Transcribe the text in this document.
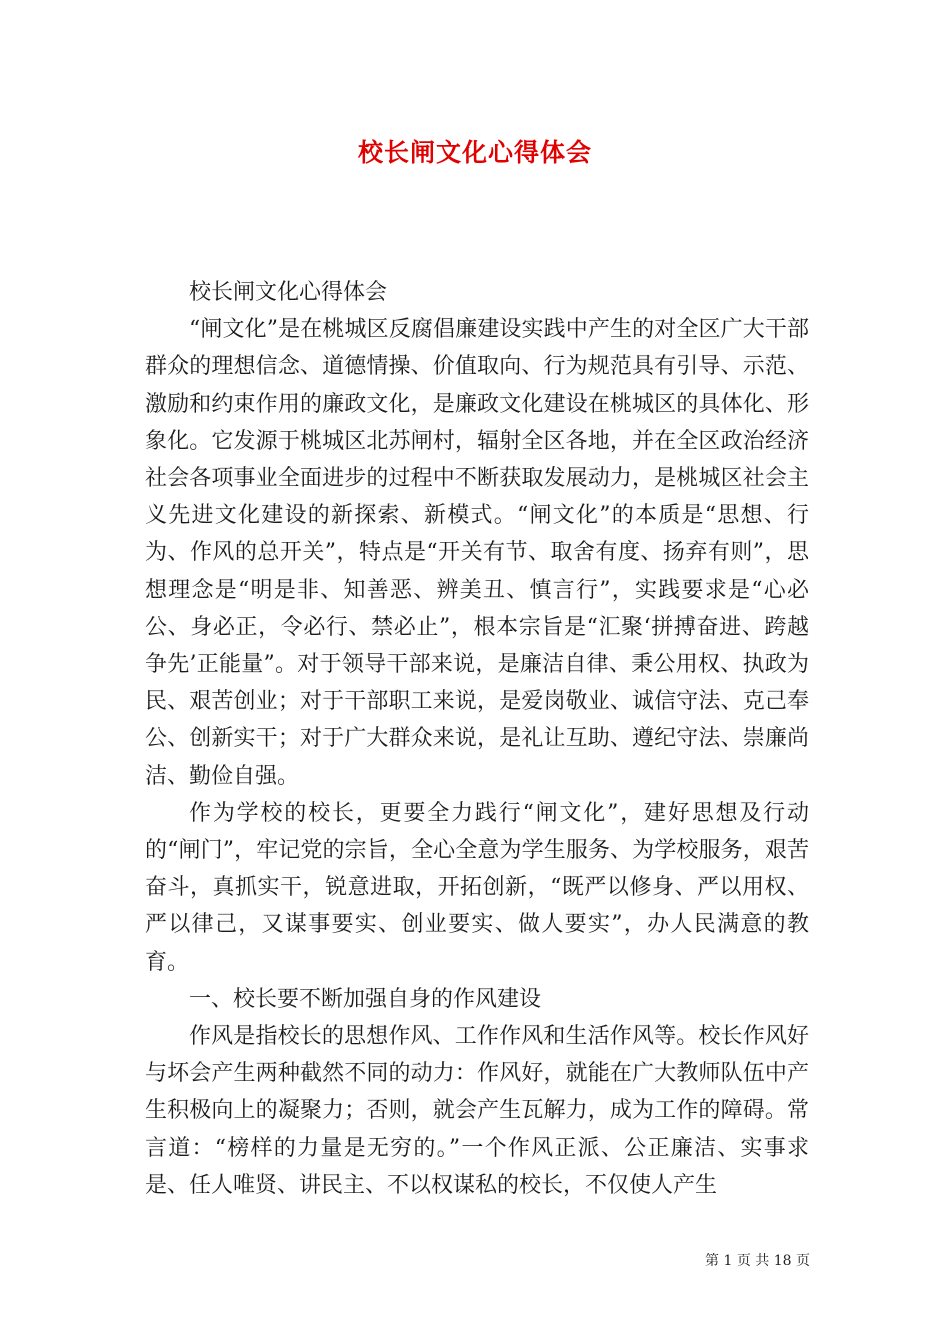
校长闸文化心得体会

校长闸文化心得体会

“闸文化”是在桃城区反腐倡廉建设实践中产生的对全区广大干部群众的理想信念、道德情操、价值取向、行为规范具有引导、示范、激励和约束作用的廉政文化，是廉政文化建设在桃城区的具体化、形象化。它发源于桃城区北苏闸村，辐射全区各地，并在全区政治经济社会各项事业全面进步的过程中不断获取发展动力，是桃城区社会主义先进文化建设的新探索、新模式。“闸文化”的本质是“思想、行为、作风的总开关”，特点是“开关有节、取舍有度、扬弃有则”，思想理念是“明是非、知善恶、辨美丑、慎言行”，实践要求是“心必公、身必正，令必行、禁必止”，根本宗旨是“汇聚‘拼搏奋进、跨越争先’正能量”。对于领导干部来说，是廉洁自律、秉公用权、执政为民、艰苦创业；对于干部职工来说，是爱岗敬业、诚信守法、克己奉公、创新实干；对于广大群众来说，是礼让互助、遵纪守法、崇廉尚洁、勤俭自强。

作为学校的校长，更要全力践行“闸文化”，建好思想及行动的“闸门”，牢记党的宗旨，全心全意为学生服务、为学校服务，艰苦奋斗，真抓实干，锐意进取，开拓创新，“既严以修身、严以用权、严以律己，又谋事要实、创业要实、做人要实”，办人民满意的教育。

一、校长要不断加强自身的作风建设

作风是指校长的思想作风、工作作风和生活作风等。校长作风好与坏会产生两种截然不同的动力：作风好，就能在广大教师队伍中产生积极向上的凝聚力；否则，就会产生瓦解力，成为工作的障碍。常言道：“榜样的力量是无穷的。”一个作风正派、公正廉洁、实事求是、任人唯贤、讲民主、不以权谋私的校长，不仅使人产生

第 1 页 共 18 页
